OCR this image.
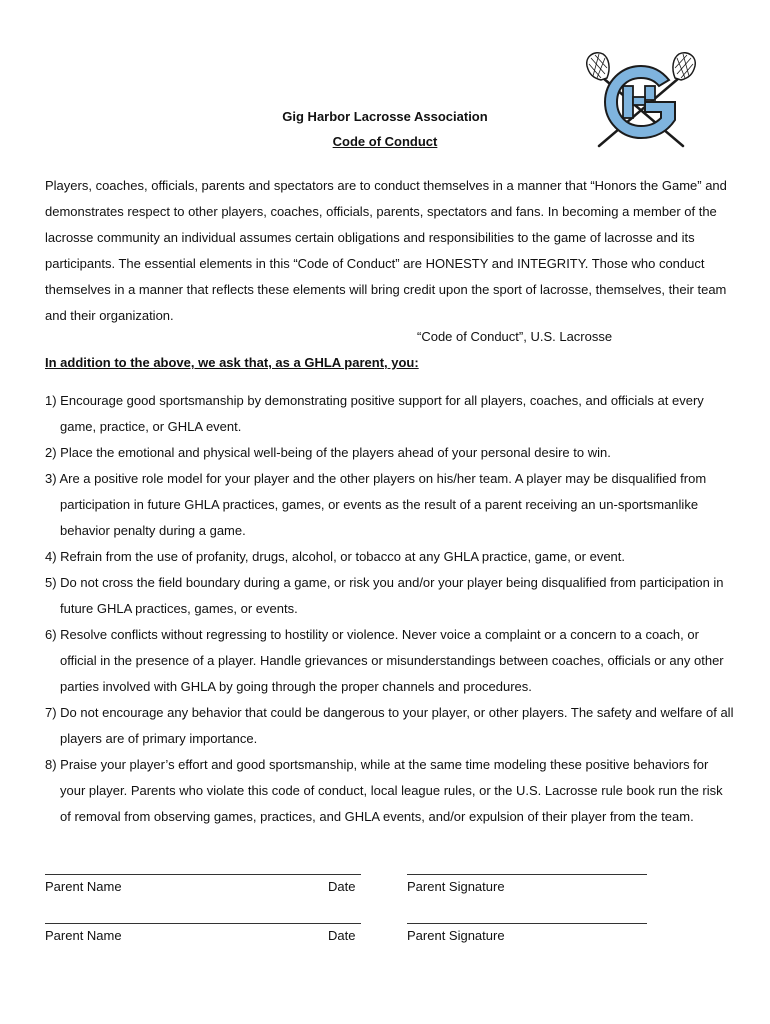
Gig Harbor Lacrosse Association
Code of Conduct

Players, coaches, officials, parents and spectators are to conduct themselves in a manner that “Honors the Game” and demonstrates respect to other players, coaches, officials, parents, spectators and fans. In becoming a member of the lacrosse community an individual assumes certain obligations and responsibilities to the game of lacrosse and its participants. The essential elements in this “Code of Conduct” are HONESTY and INTEGRITY. Those who conduct themselves in a manner that reflects these elements will bring credit upon the sport of lacrosse, themselves, their team and their organization.

“Code of Conduct”, U.S. Lacrosse
In addition to the above, we ask that, as a GHLA parent, you:
1) Encourage good sportsmanship by demonstrating positive support for all players, coaches, and officials at every game, practice, or GHLA event.
2) Place the emotional and physical well-being of the players ahead of your personal desire to win.
3) Are a positive role model for your player and the other players on his/her team. A player may be disqualified from participation in future GHLA practices, games, or events as the result of a parent receiving an un-sportsmanlike behavior penalty during a game.
4) Refrain from the use of profanity, drugs, alcohol, or tobacco at any GHLA practice, game, or event.
5) Do not cross the field boundary during a game, or risk you and/or your player being disqualified from participation in future GHLA practices, games, or events.
6) Resolve conflicts without regressing to hostility or violence. Never voice a complaint or a concern to a coach, or official in the presence of a player. Handle grievances or misunderstandings between coaches, officials or any other parties involved with GHLA by going through the proper channels and procedures.
7) Do not encourage any behavior that could be dangerous to your player, or other players. The safety and welfare of all players are of primary importance.
8) Praise your player’s effort and good sportsmanship, while at the same time modeling these positive behaviors for your player. Parents who violate this code of conduct, local league rules, or the U.S. Lacrosse rule book run the risk of removal from observing games, practices, and GHLA events, and/or expulsion of their player from the team.
Parent Name	Date	Parent Signature
Parent Name	Date	Parent Signature
